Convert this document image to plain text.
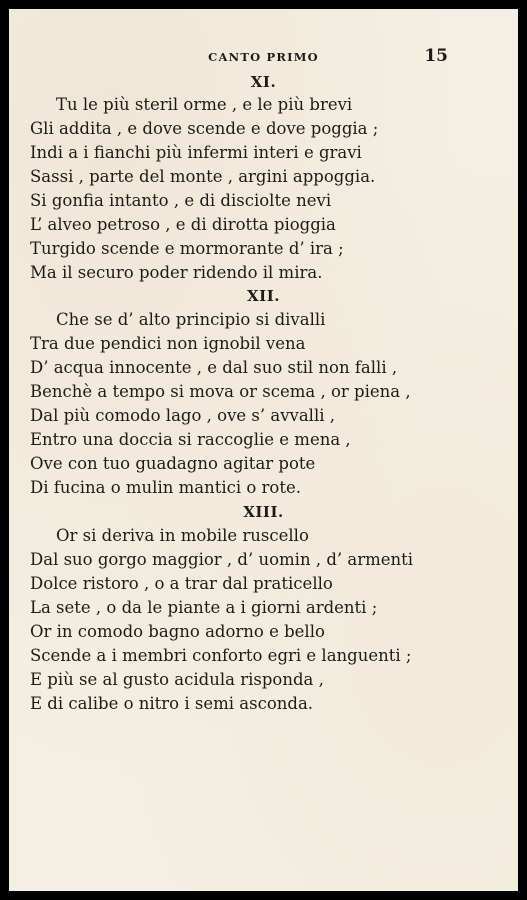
CANTO PRIMO	15
XI.
Tu le più steril orme , e le più brevi
Gli addita , e dove scende e dove poggia ;
Indi a i fianchi più infermi interi e gravi
Sassi , parte del monte , argini appoggia.
Si gonfia intanto , e di disciolte nevi
L’ alveo petroso , e di dirotta pioggia
Turgido scende e mormorante d’ ira ;
Ma il securo poder ridendo il mira.
XII.
Che se d’ alto principio si divalli
Tra due pendici non ignobil vena
D’ acqua innocente , e dal suo stil non falli ,
Benchè a tempo si mova or scema , or piena ,
Dal più comodo lago , ove s’ avvalli ,
Entro una doccia si raccoglie e mena ,
Ove con tuo guadagno agitar pote
Di fucina o mulin mantici o rote.
XIII.
Or si deriva in mobile ruscello
Dal suo gorgo maggior , d’ uomin , d’ armenti
Dolce ristoro , o a trar dal praticello
La sete , o da le piante a i giorni ardenti ;
Or in comodo bagno adorno e bello
Scende a i membri conforto egri e languenti ;
E più se al gusto acidula risponda ,
E di calibe o nitro i semi asconda.
